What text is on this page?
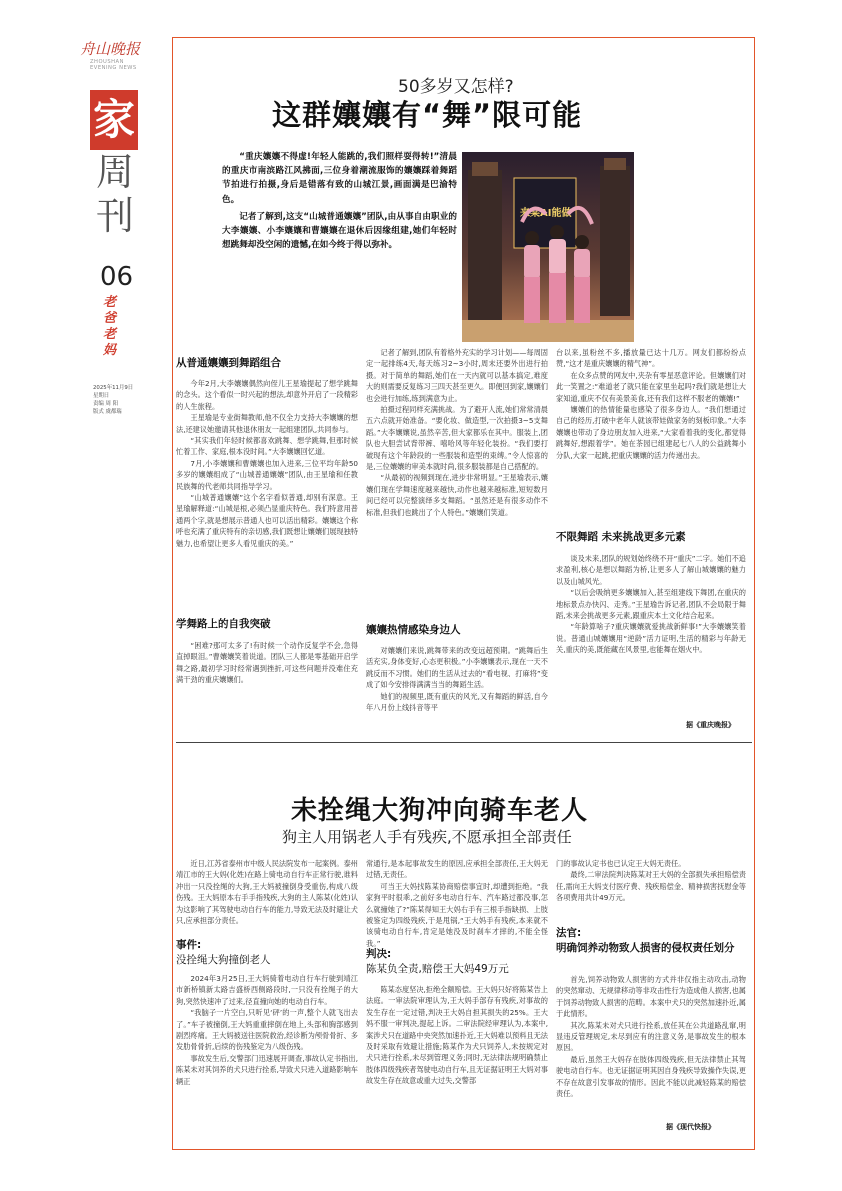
舟山晚报
ZHOUSHAN
EVENING NEWS
家
周
刊
06
老爸老妈
2025年11月9日
星期日
责编 周 阳
版式 虞都瑞
50多岁又怎样?
这群孃孃有“舞”限可能

“重庆孃孃不得虚!年轻人能跳的,我们照样耍得转!”清晨的重庆市南滨路江风拂面,三位身着潮流服饰的孃孃踩着舞蹈节拍进行拍摄,身后是错落有致的山城江景,画面满是巴渝特色。

记者了解到,这支“山城普通孃孃”团队,由从事自由职业的大李孃孃、小李孃孃和曹孃孃在退休后因缘组建,她们年轻时想跳舞却没空闲的遗憾,在如今终于得以弥补。

来某AI能做
从普通孃孃到舞蹈组合

今年2月,大李孃孃偶然向侄儿王星瑜提起了想学跳舞的念头。这个看似一时兴起的想法,却意外开启了一段精彩的人生旅程。

王星瑜是专业街舞教师,他不仅全力支持大李孃孃的想法,还建议她邀请其他退休朋友一起组建团队,共同参与。

“其实我们年轻时候都喜欢跳舞、想学跳舞,但那时候忙着工作、家庭,根本没时间。”大李孃孃回忆道。

7月,小李孃孃和曹孃孃也加入进来,三位平均年龄50多岁的孃孃组成了“山城普通孃孃”团队,由王星瑜和任教民族舞的代老师共同指导学习。

“山城普通孃孃”这个名字看似普通,却别有深意。王星瑜解释道:“山城是根,必须凸显重庆特色。我们特意用普通两个字,就是想展示普通人也可以活出精彩。孃孃这个称呼也充满了重庆特有的亲切感,我们既想让孃孃们展现独特魅力,也希望让更多人看见重庆的美。”

学舞路上的自我突破

“困难?那可太多了!有时候一个动作反复学不会,急得直掉眼泪。”曹孃孃笑着说道。团队三人都是零基础开启学舞之路,最初学习时经常遇到挫折,可这些问题并没难住充满干劲的重庆孃孃们。

记者了解到,团队有着格外充实的学习计划——每周固定一起排练4天,每天练习2~3小时,周末还要外出进行拍摄。对于简单的舞蹈,她们在一天内就可以基本搞定,难度大的则需要反复练习三四天甚至更久。即便回到家,孃孃们也会进行加练,练到满意为止。

拍摄过程同样充满挑战。为了避开人流,她们常常清晨五六点就开始准备。“要化妆、做造型,一次拍摄3~5支舞蹈。”大李孃孃说,虽然辛苦,但大家都乐在其中。服装上,团队也大胆尝试背带裤、嘻哈风等年轻化装扮。“我们要打破现有这个年龄段的一些服装和造型的束缚。”令人惊喜的是,三位孃孃的审美本就时尚,很多服装都是自己搭配的。

“从最初的视频到现在,进步非常明显。”王星瑜表示,孃孃们现在学舞速度越来越快,动作也越来越标准,短短数月间已经可以完整演绎多支舞蹈。“虽然还是有很多动作不标准,但我们也跳出了个人特色。”孃孃们笑道。

孃孃热情感染身边人

对孃孃们来说,跳舞带来的改变远超预期。“跳舞后生活充实,身体变好,心态更积极。”小李孃孃表示,现在一天不跳反而不习惯。她们的生活从过去的“看电视、打麻将”变成了如今安排得满满当当的舞蹈生活。

她们的视频里,既有重庆的风光,又有舞蹈的鲜活,自今年八月份上线抖音等平

台以来,虽粉丝不多,播放量已达十几万。网友们都纷纷点赞,“这才是重庆孃孃的精气神”。

在众多点赞的网友中,夹杂有零星恶意评论。但孃孃们对此一笑置之:“难道老了就只能在家里坐起吗?我们就是想让大家知道,重庆不仅有美景美食,还有我们这样不服老的孃孃!”

孃孃们的热情能量也感染了很多身边人。“我们想通过自己的经历,打破中老年人就该带娃做家务的刻板印象。”大李孃孃也带动了身边朋友加入进来,“大家看着我的变化,都觉得跳舞好,想跟着学”。她在茶园已组建起七八人的公益跳舞小分队,大家一起跳,把重庆孃孃的活力传递出去。

不限舞蹈 未来挑战更多元素

谈及未来,团队的规划始终绕不开“重庆”二字。她们不追求盈利,核心是想以舞蹈为桥,让更多人了解山城孃孃的魅力以及山城风光。

“以后会吸纳更多孃孃加入,甚至组建线下舞团,在重庆的地标景点办快闪、走秀。”王星瑜告诉记者,团队不会局限于舞蹈,未来会挑战更多元素,跟重庆本土文化结合起来。

“年龄算啥子?重庆孃孃就爱挑战新鲜事!”大李孃孃笑着说。普通山城孃孃用“逆龄”活力证明,生活的精彩与年龄无关,重庆的美,既能藏在风景里,也能舞在烟火中。

据《重庆晚报》
未拴绳大狗冲向骑车老人
狗主人用锅老人手有残疾,不愿承担全部责任

近日,江苏省泰州市中级人民法院发布一起案例。泰州靖江市的王大妈(化姓)在路上骑电动自行车正常行驶,谁料冲出一只没拴绳的大狗,王大妈被撞倒身受重伤,构成八级伤残。王大妈原本右手手指残疾,大狗的主人陈某(化姓)认为这影响了其驾驶电动自行车的能力,导致无法及时避让犬只,应承担部分责任。

事件:
没拴绳大狗撞倒老人

2024年3月25日,王大妈骑着电动自行车行驶到靖江市新桥镇新太路吉盛桥西侧路段时,一只没有拴绳子的大狗,突然快速冲了过来,径直撞向她的电动自行车。

“我脑子一片空白,只听见‘砰’的一声,整个人就飞出去了。”车子被撞倒,王大妈重重摔倒在地上,头部和胸部感到剧烈疼痛。王大妈被送往医院救治,经诊断为颅骨骨折、多发肋骨骨折,后续的伤残鉴定为八级伤残。

事故发生后,交警部门迅速展开调查,事故认定书指出,陈某未对其饲养的犬只进行拴系,导致犬只进入道路影响车辆正

常通行,是本起事故发生的原因,应承担全部责任,王大妈无过错,无责任。

可当王大妈找陈某协商赔偿事宜时,却遭到拒绝。“我家狗平时很乖,之前好多电动自行车、汽车路过都没事,怎么就撞她了?”陈某得知王大妈右手有三根手指缺损、上肢被鉴定为四级残疾,于是甩锅,“王大妈手有残疾,本来就不该骑电动自行车,肯定是她没及时刹车才摔的,不能全怪我。”

判决:
陈某负全责,赔偿王大妈49万元

陈某态度坚决,拒绝全额赔偿。王大妈只好将陈某告上法庭。一审法院审理认为,王大妈手部存有残疾,对事故的发生存在一定过错,判决王大妈自担其损失的25%。王大妈不服一审判决,提起上诉。二审法院经审理认为,本案中,案涉犬只在道路中央突然加速扑近,王大妈难以预料且无法及时采取有效避让措施;陈某作为犬只饲养人,未按规定对犬只进行拴系,未尽到管理义务;同时,无法律法规明确禁止肢体四级残疾者驾驶电动自行车,且无证据证明王大妈对事故发生存在故意或重大过失,交警部

门的事故认定书也已认定王大妈无责任。

最终,二审法院判决陈某对王大妈的全部损失承担赔偿责任,需向王大妈支付医疗费、残疾赔偿金、精神损害抚慰金等各项费用共计49万元。

法官:
明确饲养动物致人损害的侵权责任划分

首先,饲养动物致人损害的方式并非仅指主动攻击,动物的突然窜动、无规律移动等非攻击性行为造成他人损害,也属于饲养动物致人损害的范畴。本案中犬只的突然加速扑近,属于此情形。

其次,陈某未对犬只进行拴系,放任其在公共道路乱窜,明显违反管理规定,未尽到应有的注意义务,是事故发生的根本原因。

最后,虽然王大妈存在肢体四级残疾,但无法律禁止其驾驶电动自行车。也无证据证明其因自身残疾导致操作失误,更不存在故意引发事故的情形。因此不能以此减轻陈某的赔偿责任。

据《现代快报》
